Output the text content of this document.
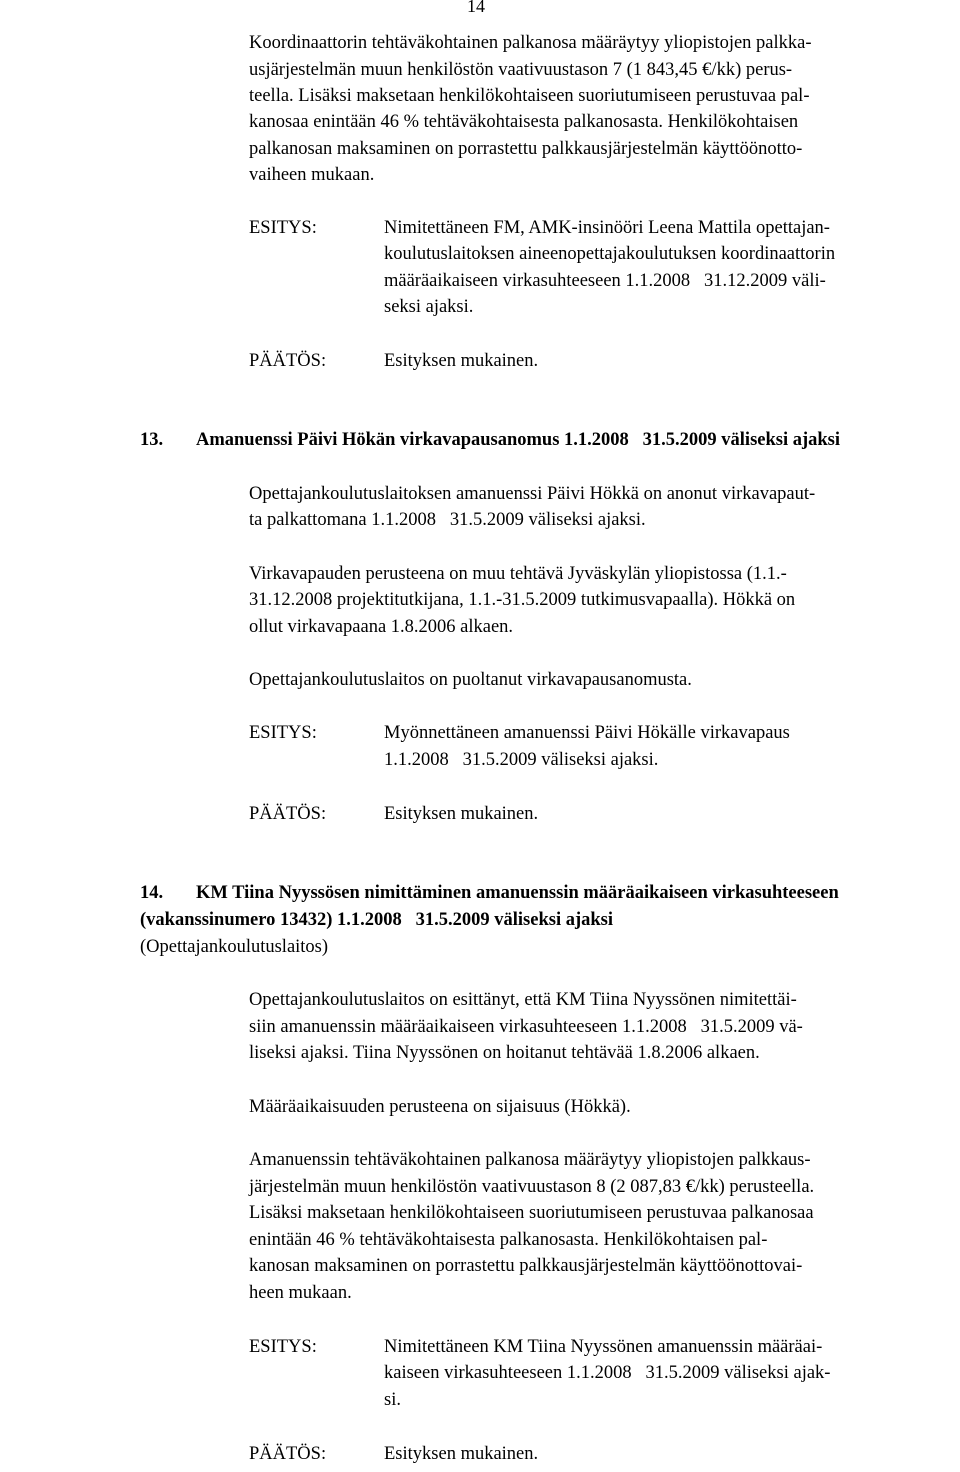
14
Koordinaattorin tehtäväkohtainen palkanosa määräytyy yliopistojen palkka-
usjärjestelmän muun henkilöstön vaativuustason 7 (1 843,45 €/kk) perus-
teella. Lisäksi maksetaan henkilökohtaiseen suoriutumiseen perustuvaa pal-
kanosaa enintään 46 % tehtäväkohtaisesta palkanosasta. Henkilökohtaisen
palkanosan maksaminen on porrastettu palkkausjärjestelmän käyttöönotto-
vaiheen mukaan.
ESITYS:	Nimitettäneen FM, AMK-insinööri Leena Mattila opettajan-
koulutuslaitoksen aineenopettajakoulutuksen koordinaattorin
määräaikaiseen virkasuhteeseen 1.1.2008   31.12.2009 väli-
seksi ajaksi.
PÄÄTÖS:	Esityksen mukainen.
13. Amanuenssi Päivi Hökän virkavapausanomus 1.1.2008   31.5.2009 väliseksi ajaksi
Opettajankoulutuslaitoksen amanuenssi Päivi Hökkä on anonut virkavapaut-
ta palkattomana 1.1.2008   31.5.2009 väliseksi ajaksi.
Virkavapauden perusteena on muu tehtävä Jyväskylän yliopistossa (1.1.-
31.12.2008 projektitutkijana, 1.1.-31.5.2009 tutkimusvapaalla). Hökkä on
ollut virkavapaana 1.8.2006 alkaen.
Opettajankoulutuslaitos on puoltanut virkavapausanomusta.
ESITYS:	Myönnettäneen amanuenssi Päivi Hökälle virkavapaus
1.1.2008   31.5.2009 väliseksi ajaksi.
PÄÄTÖS:	Esityksen mukainen.
14. KM Tiina Nyyssösen nimittäminen amanuenssin määräaikaiseen virkasuhteeseen
(vakanssinumero 13432) 1.1.2008   31.5.2009 väliseksi ajaksi
(Opettajankoulutuslaitos)
Opettajankoulutuslaitos on esittänyt, että KM Tiina Nyyssönen nimitettäi-
siin amanuenssin määräaikaiseen virkasuhteeseen 1.1.2008   31.5.2009 vä-
liseksi ajaksi. Tiina Nyyssönen on hoitanut tehtävää 1.8.2006 alkaen.
Määräaikaisuuden perusteena on sijaisuus (Hökkä).
Amanuenssin tehtäväkohtainen palkanosa määräytyy yliopistojen palkkaus-
järjestelmän muun henkilöstön vaativuustason 8 (2 087,83 €/kk) perusteella.
Lisäksi maksetaan henkilökohtaiseen suoriutumiseen perustuvaa palkanosaa
enintään 46 % tehtäväkohtaisesta palkanosasta. Henkilökohtaisen pal-
kanosan maksaminen on porrastettu palkkausjärjestelmän käyttöönottovai-
heen mukaan.
ESITYS:	Nimitettäneen KM Tiina Nyyssönen amanuenssin määräai-
kaiseen virkasuhteeseen 1.1.2008   31.5.2009 väliseksi ajak-
si.
PÄÄTÖS:	Esityksen mukainen.
